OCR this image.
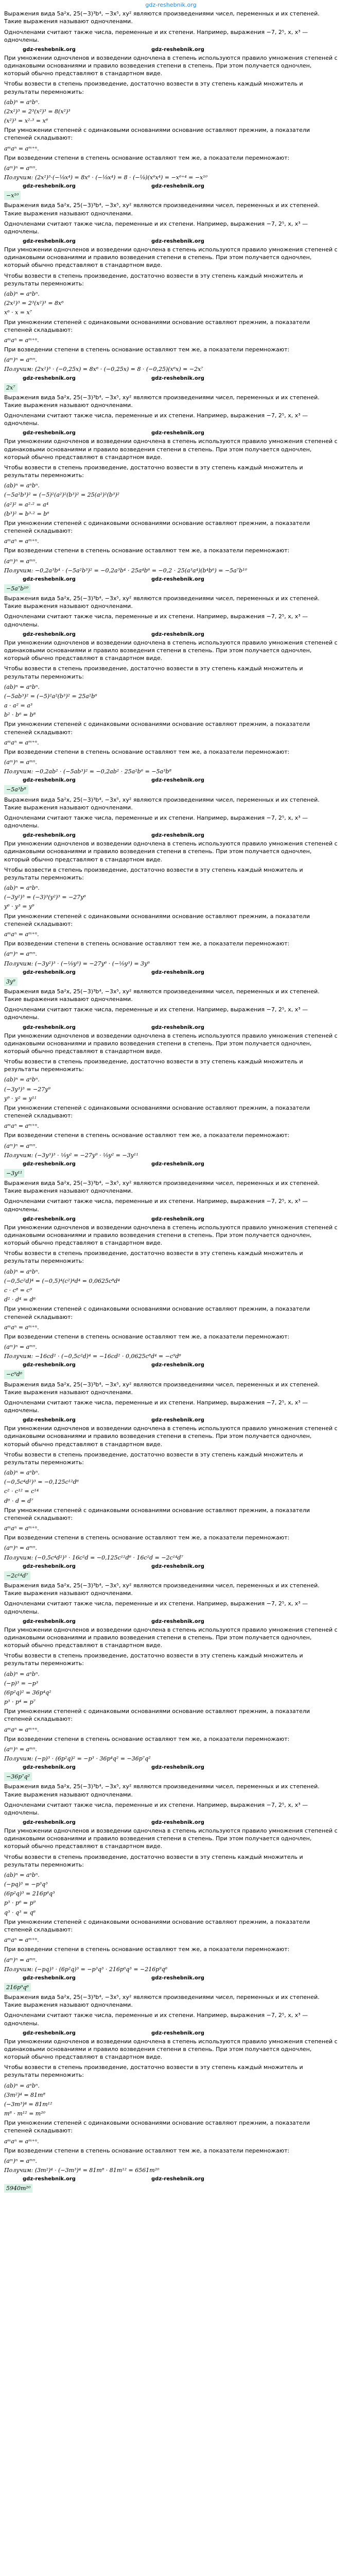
gdz-reshebnik.org

Выражения вида 5a²x, 25(−3)³b⁴, −3x⁵, xy² являются произведениями чисел, переменных и их степеней. Такие выражения называют одночленами.

Одночленами считают также числа, переменные и их степени. Например, выражения −7, 2⁵, x, x³ — одночлены.

gdz-reshebnik.org	gdz-reshebnik.org

При умножении одночленов и возведении одночлена в степень используются правило умножения степеней с одинаковыми основаниями и правило возведения степени в степень. При этом получается одночлен, который обычно представляют в стандартном виде.

Чтобы возвести в степень произведение, достаточно возвести в эту степень каждый множитель и результаты перемножить:

(ab)ⁿ = aⁿbⁿ.
(2x²)³ = 2³(x²)³ = 8(x²)³
(x²)³ = x²·³ = x⁶

При умножении степеней с одинаковыми основаниями основание оставляют прежним, а показатели степеней складывают:

aᵐaⁿ = aᵐ⁺ⁿ.

При возведении степени в степень основание оставляют тем же, а показатели перемножают:

(aᵐ)ⁿ = aᵐⁿ.
Получим: (2x²)³·(−⅛x⁴) = 8x⁶ · (−⅛x⁴) = 8 · (−⅛)(x⁶x⁴) = −x⁶⁺⁴ = −x¹⁰
gdz-reshebnik.org	gdz-reshebnik.org
−x¹⁰

Выражения вида 5a²x, 25(−3)³b⁴, −3x⁵, xy² являются произведениями чисел, переменных и их степеней. Такие выражения называют одночленами.

Одночленами считают также числа, переменные и их степени. Например, выражения −7, 2⁵, x, x³ — одночлены.

gdz-reshebnik.org	gdz-reshebnik.org

При умножении одночленов и возведении одночлена в степень используются правило умножения степеней с одинаковыми основаниями и правило возведения степени в степень. При этом получается одночлен, который обычно представляют в стандартном виде.

Чтобы возвести в степень произведение, достаточно возвести в эту степень каждый множитель и результаты перемножить:

(ab)ⁿ = aⁿbⁿ.
(2x²)³ = 2³(x²)³ = 8x⁶
x⁶ · x = x⁷

При умножении степеней с одинаковыми основаниями основание оставляют прежним, а показатели степеней складывают:

aᵐaⁿ = aᵐ⁺ⁿ.

При возведении степени в степень основание оставляют тем же, а показатели перемножают:

(aᵐ)ⁿ = aᵐⁿ.
Получим: (2x²)³ · (−0,25x) = 8x⁶ · (−0,25x) = 8 · (−0,25)(x⁶x) = −2x⁷
gdz-reshebnik.org	gdz-reshebnik.org
2x⁷

Выражения вида 5a²x, 25(−3)³b⁴, −3x⁵, xy² являются произведениями чисел, переменных и их степеней. Такие выражения называют одночленами.

Одночленами считают также числа, переменные и их степени. Например, выражения −7, 2⁵, x, x³ — одночлены.

gdz-reshebnik.org	gdz-reshebnik.org

При умножении одночленов и возведении одночлена в степень используются правило умножения степеней с одинаковыми основаниями и правило возведения степени в степень. При этом получается одночлен, который обычно представляют в стандартном виде.

Чтобы возвести в степень произведение, достаточно возвести в эту степень каждый множитель и результаты перемножить:

(ab)ⁿ = aⁿbⁿ.
(−5a²b³)² = (−5)²(a²)²(b³)² = 25(a²)²(b³)²
(a²)² = a²·² = a⁴
(b³)² = b³·² = b⁶

При умножении степеней с одинаковыми основаниями основание оставляют прежним, а показатели степеней складывают:

aᵐaⁿ = aᵐ⁺ⁿ.

При возведении степени в степень основание оставляют тем же, а показатели перемножают:

(aᵐ)ⁿ = aᵐⁿ.
Получим: −0,2a³b⁴ · (−5a²b³)² = −0,2a³b⁴ · 25a⁴b⁶ = −0,2 · 25(a³a⁴)(b⁴b⁶) = −5a⁷b¹⁰
gdz-reshebnik.org	gdz-reshebnik.org
−5a⁷b¹⁰

Выражения вида 5a²x, 25(−3)³b⁴, −3x⁵, xy² являются произведениями чисел, переменных и их степеней. Такие выражения называют одночленами.

Одночленами считают также числа, переменные и их степени. Например, выражения −7, 2⁵, x, x³ — одночлены.

gdz-reshebnik.org	gdz-reshebnik.org

При умножении одночленов и возведении одночлена в степень используются правило умножения степеней с одинаковыми основаниями и правило возведения степени в степень. При этом получается одночлен, который обычно представляют в стандартном виде.

Чтобы возвести в степень произведение, достаточно возвести в эту степень каждый множитель и результаты перемножить:

(ab)ⁿ = aⁿbⁿ.
(−5ab³)² = (−5)²a²(b³)² = 25a²b⁶
a · a² = a³
b² · b⁶ = b⁸

При умножении степеней с одинаковыми основаниями основание оставляют прежним, а показатели степеней складывают:

aᵐaⁿ = aᵐ⁺ⁿ.

При возведении степени в степень основание оставляют тем же, а показатели перемножают:

(aᵐ)ⁿ = aᵐⁿ.
Получим: −0,2ab² · (−5ab³)² = −0,2ab² · 25a²b⁶ = −5a³b⁸
gdz-reshebnik.org	gdz-reshebnik.org
−5a³b⁸

Выражения вида 5a²x, 25(−3)³b⁴, −3x⁵, xy² являются произведениями чисел, переменных и их степеней. Такие выражения называют одночленами.

Одночленами считают также числа, переменные и их степени. Например, выражения −7, 2⁵, x, x³ — одночлены.

gdz-reshebnik.org	gdz-reshebnik.org

При умножении одночленов и возведении одночлена в степень используются правило умножения степеней с одинаковыми основаниями и правило возведения степени в степень. При этом получается одночлен, который обычно представляют в стандартном виде.

Чтобы возвести в степень произведение, достаточно возвести в эту степень каждый множитель и результаты перемножить:

(ab)ⁿ = aⁿbⁿ.
(−3y²)³ = (−3)³(y²)³ = −27y⁶
y⁶ · y³ = y⁹

При умножении степеней с одинаковыми основаниями основание оставляют прежним, а показатели степеней складывают:

aᵐaⁿ = aᵐ⁺ⁿ.

При возведении степени в степень основание оставляют тем же, а показатели перемножают:

(aᵐ)ⁿ = aᵐⁿ.
Получим: (−3y²)³ · (−¹⁄₉y³) = −27y⁶ · (−¹⁄₉y³) = 3y⁹
gdz-reshebnik.org	gdz-reshebnik.org
3y⁹

Выражения вида 5a²x, 25(−3)³b⁴, −3x⁵, xy² являются произведениями чисел, переменных и их степеней. Такие выражения называют одночленами.

Одночленами считают также числа, переменные и их степени. Например, выражения −7, 2⁵, x, x³ — одночлены.

gdz-reshebnik.org	gdz-reshebnik.org

При умножении одночленов и возведении одночлена в степень используются правило умножения степеней с одинаковыми основаниями и правило возведения степени в степень. При этом получается одночлен, который обычно представляют в стандартном виде.

Чтобы возвести в степень произведение, достаточно возвести в эту степень каждый множитель и результаты перемножить:

(ab)ⁿ = aⁿbⁿ.
(−3y³)³ = −27y⁹
y⁹ · y² = y¹¹

При умножении степеней с одинаковыми основаниями основание оставляют прежним, а показатели степеней складывают:

aᵐaⁿ = aᵐ⁺ⁿ.

При возведении степени в степень основание оставляют тем же, а показатели перемножают:

(aᵐ)ⁿ = aᵐⁿ.
Получим: (−3y³)³ · ¹⁄₉y² = −27y⁹ · ¹⁄₉y² = −3y¹¹
gdz-reshebnik.org	gdz-reshebnik.org
−3y¹¹

Выражения вида 5a²x, 25(−3)³b⁴, −3x⁵, xy² являются произведениями чисел, переменных и их степеней. Такие выражения называют одночленами.

Одночленами считают также числа, переменные и их степени. Например, выражения −7, 2⁵, x, x³ — одночлены.

gdz-reshebnik.org	gdz-reshebnik.org

При умножении одночленов и возведении одночлена в степень используются правило умножения степеней с одинаковыми основаниями и правило возведения степени в степень. При этом получается одночлен, который обычно представляют в стандартном виде.

Чтобы возвести в степень произведение, достаточно возвести в эту степень каждый множитель и результаты перемножить:

(ab)ⁿ = aⁿbⁿ.
(−0,5c²d)⁴ = (−0,5)⁴(c²)⁴d⁴ = 0,0625c⁸d⁴
c · c⁸ = c⁹
d² · d⁴ = d⁶

При умножении степеней с одинаковыми основаниями основание оставляют прежним, а показатели степеней складывают:

aᵐaⁿ = aᵐ⁺ⁿ.

При возведении степени в степень основание оставляют тем же, а показатели перемножают:

(aᵐ)ⁿ = aᵐⁿ.
Получим: −16cd² · (−0,5c²d)⁴ = −16cd² · 0,0625c⁸d⁴ = −c⁹d⁶
gdz-reshebnik.org	gdz-reshebnik.org
−c⁹d⁶

Выражения вида 5a²x, 25(−3)³b⁴, −3x⁵, xy² являются произведениями чисел, переменных и их степеней. Такие выражения называют одночленами.

Одночленами считают также числа, переменные и их степени. Например, выражения −7, 2⁵, x, x³ — одночлены.

gdz-reshebnik.org	gdz-reshebnik.org

При умножении одночленов и возведении одночлена в степень используются правило умножения степеней с одинаковыми основаниями и правило возведения степени в степень. При этом получается одночлен, который обычно представляют в стандартном виде.

Чтобы возвести в степень произведение, достаточно возвести в эту степень каждый множитель и результаты перемножить:

(ab)ⁿ = aⁿbⁿ.
(−0,5c⁴d²)³ = −0,125c¹²d⁶
c² · c¹² = c¹⁴
d⁶ · d = d⁷

При умножении степеней с одинаковыми основаниями основание оставляют прежним, а показатели степеней складывают:

aᵐaⁿ = aᵐ⁺ⁿ.

При возведении степени в степень основание оставляют тем же, а показатели перемножают:

(aᵐ)ⁿ = aᵐⁿ.
Получим: (−0,5c⁴d²)³ · 16c²d = −0,125c¹²d⁶ · 16c²d = −2c¹⁴d⁷
gdz-reshebnik.org	gdz-reshebnik.org
−2c¹⁴d⁷

Выражения вида 5a²x, 25(−3)³b⁴, −3x⁵, xy² являются произведениями чисел, переменных и их степеней. Такие выражения называют одночленами.

Одночленами считают также числа, переменные и их степени. Например, выражения −7, 2⁵, x, x³ — одночлены.

gdz-reshebnik.org	gdz-reshebnik.org

При умножении одночленов и возведении одночлена в степень используются правило умножения степеней с одинаковыми основаниями и правило возведения степени в степень. При этом получается одночлен, который обычно представляют в стандартном виде.

Чтобы возвести в степень произведение, достаточно возвести в эту степень каждый множитель и результаты перемножить:

(ab)ⁿ = aⁿbⁿ.
(−p)³ = −p³
(6p²q)² = 36p⁴q²
p³ · p⁴ = p⁷

При умножении степеней с одинаковыми основаниями основание оставляют прежним, а показатели степеней складывают:

aᵐaⁿ = aᵐ⁺ⁿ.

При возведении степени в степень основание оставляют тем же, а показатели перемножают:

(aᵐ)ⁿ = aᵐⁿ.
Получим: (−p)³ · (6p²q)² = −p³ · 36p⁴q² = −36p⁷q²
gdz-reshebnik.org	gdz-reshebnik.org
−36p⁷q²

Выражения вида 5a²x, 25(−3)³b⁴, −3x⁵, xy² являются произведениями чисел, переменных и их степеней. Такие выражения называют одночленами.

Одночленами считают также числа, переменные и их степени. Например, выражения −7, 2⁵, x, x³ — одночлены.

gdz-reshebnik.org	gdz-reshebnik.org

При умножении одночленов и возведении одночлена в степень используются правило умножения степеней с одинаковыми основаниями и правило возведения степени в степень. При этом получается одночлен, который обычно представляют в стандартном виде.

Чтобы возвести в степень произведение, достаточно возвести в эту степень каждый множитель и результаты перемножить:

(ab)ⁿ = aⁿbⁿ.
(−pq)³ = −p³q³
(6p²q)³ = 216p⁶q³
p³ · p⁶ = p⁹
q³ · q³ = q⁶

При умножении степеней с одинаковыми основаниями основание оставляют прежним, а показатели степеней складывают:

aᵐaⁿ = aᵐ⁺ⁿ.

При возведении степени в степень основание оставляют тем же, а показатели перемножают:

(aᵐ)ⁿ = aᵐⁿ.
Получим: (−pq)³ · (6p²q)³ = −p³q³ · 216p⁶q³ = −216p⁹q⁶
gdz-reshebnik.org	gdz-reshebnik.org
216p⁹q⁶

Выражения вида 5a²x, 25(−3)³b⁴, −3x⁵, xy² являются произведениями чисел, переменных и их степеней. Такие выражения называют одночленами.

Одночленами считают также числа, переменные и их степени. Например, выражения −7, 2⁵, x, x³ — одночлены.

gdz-reshebnik.org	gdz-reshebnik.org

При умножении одночленов и возведении одночлена в степень используются правило умножения степеней с одинаковыми основаниями и правило возведения степени в степень. При этом получается одночлен, который обычно представляют в стандартном виде.

Чтобы возвести в степень произведение, достаточно возвести в эту степень каждый множитель и результаты перемножить:

(ab)ⁿ = aⁿbⁿ.
(3m²)⁴ = 81m⁸
(−3m³)⁴ = 81m¹²
m⁸ · m¹² = m²⁰

При умножении степеней с одинаковыми основаниями основание оставляют прежним, а показатели степеней складывают:

aᵐaⁿ = aᵐ⁺ⁿ.

При возведении степени в степень основание оставляют тем же, а показатели перемножают:

(aᵐ)ⁿ = aᵐⁿ.
Получим: (3m²)⁴ · (−3m³)⁴ = 81m⁸ · 81m¹² = 6561m²⁰
gdz-reshebnik.org	gdz-reshebnik.org
5940m²⁰
